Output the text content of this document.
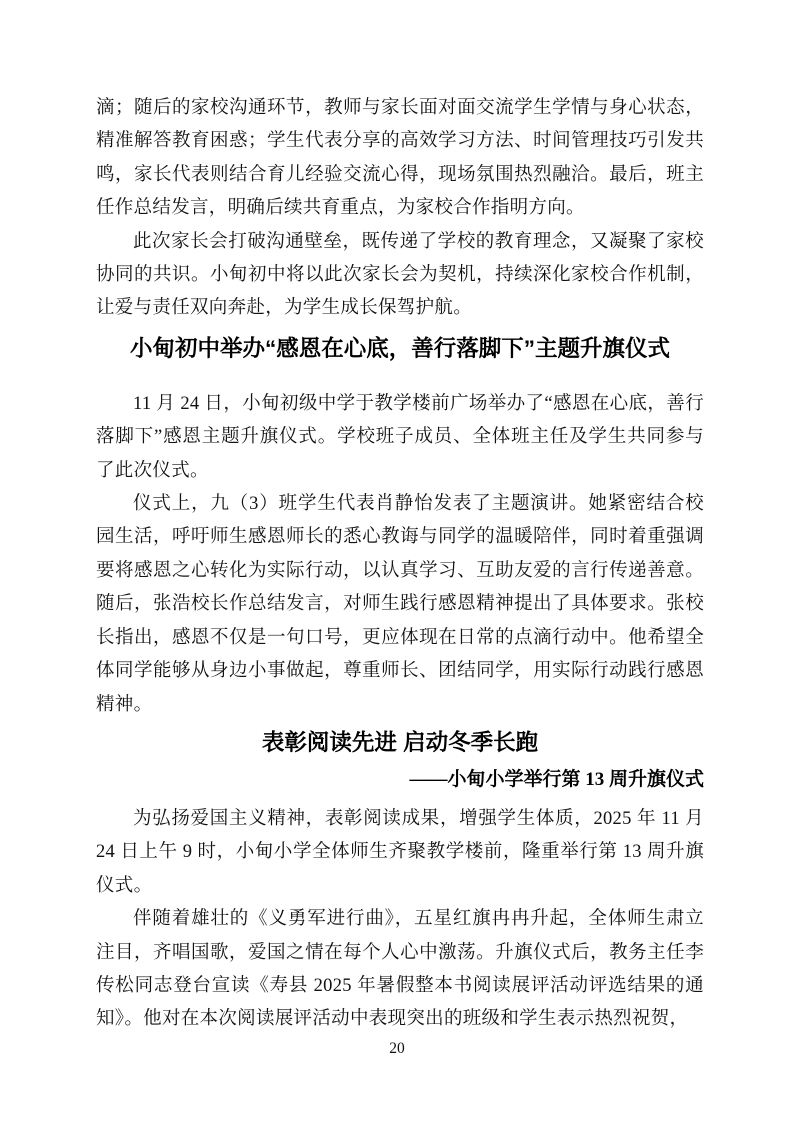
滴；随后的家校沟通环节，教师与家长面对面交流学生学情与身心状态，精准解答教育困惑；学生代表分享的高效学习方法、时间管理技巧引发共鸣，家长代表则结合育儿经验交流心得，现场氛围热烈融洽。最后，班主任作总结发言，明确后续共育重点，为家校合作指明方向。

此次家长会打破沟通壁垒，既传递了学校的教育理念，又凝聚了家校协同的共识。小甸初中将以此次家长会为契机，持续深化家校合作机制，让爱与责任双向奔赴，为学生成长保驾护航。

小甸初中举办“感恩在心底，善行落脚下”主题升旗仪式

11 月 24 日，小甸初级中学于教学楼前广场举办了“感恩在心底，善行落脚下”感恩主题升旗仪式。学校班子成员、全体班主任及学生共同参与了此次仪式。

仪式上，九（3）班学生代表肖静怡发表了主题演讲。她紧密结合校园生活，呼吁师生感恩师长的悉心教诲与同学的温暖陪伴，同时着重强调要将感恩之心转化为实际行动，以认真学习、互助友爱的言行传递善意。随后，张浩校长作总结发言，对师生践行感恩精神提出了具体要求。张校长指出，感恩不仅是一句口号，更应体现在日常的点滴行动中。他希望全体同学能够从身边小事做起，尊重师长、团结同学，用实际行动践行感恩精神。

表彰阅读先进 启动冬季长跑
——小甸小学举行第 13 周升旗仪式

为弘扬爱国主义精神，表彰阅读成果，增强学生体质，2025 年 11 月 24 日上午 9 时，小甸小学全体师生齐聚教学楼前，隆重举行第 13 周升旗仪式。

伴随着雄壮的《义勇军进行曲》，五星红旗冉冉升起，全体师生肃立注目，齐唱国歌，爱国之情在每个人心中激荡。升旗仪式后，教务主任李传松同志登台宣读《寿县 2025 年暑假整本书阅读展评活动评选结果的通知》。他对在本次阅读展评活动中表现突出的班级和学生表示热烈祝贺，

20
